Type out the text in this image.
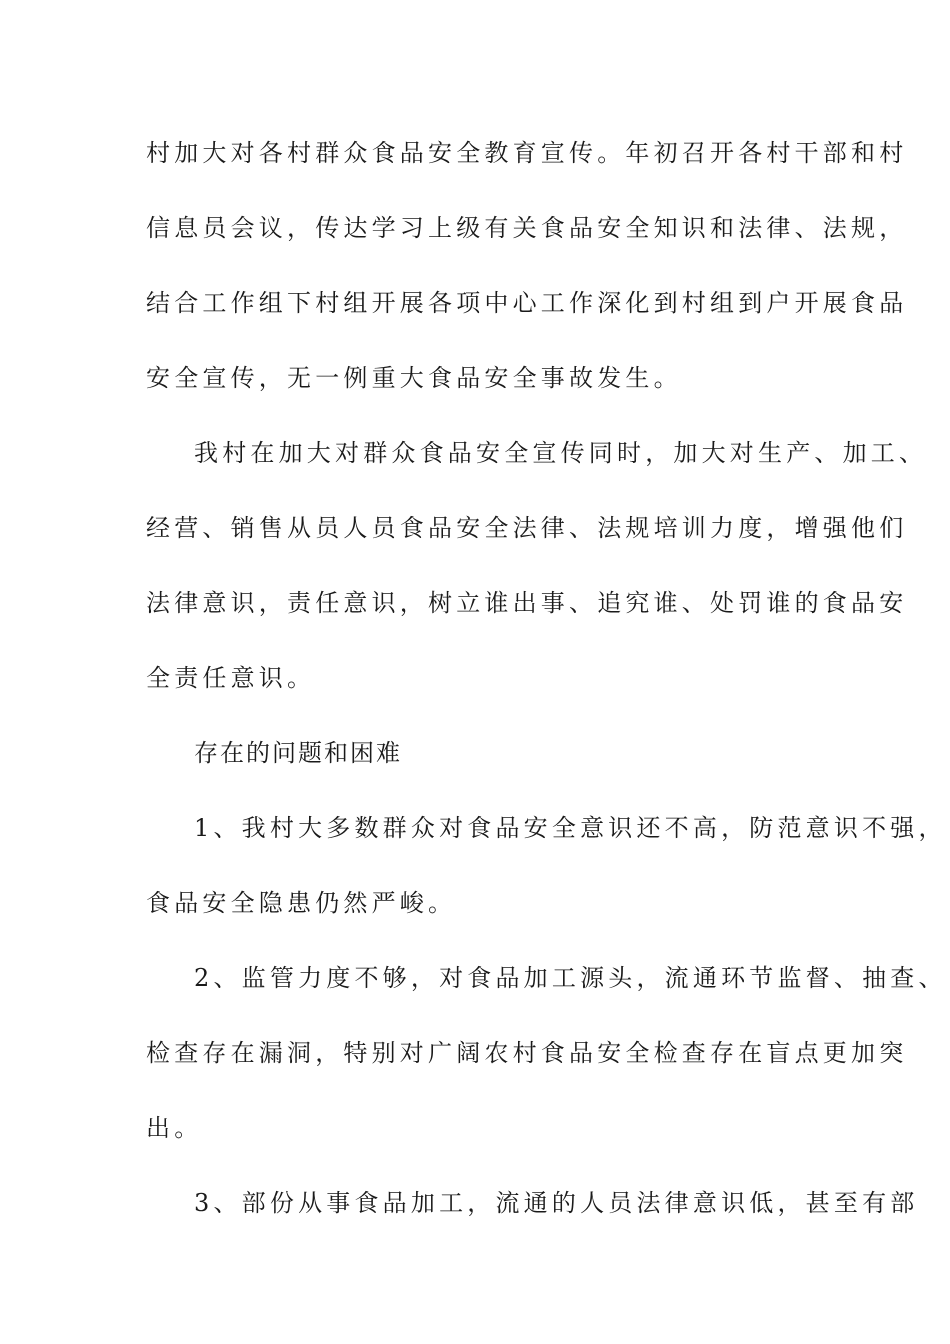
村加大对各村群众食品安全教育宣传。年初召开各村干部和村
信息员会议，传达学习上级有关食品安全知识和法律、法规，
结合工作组下村组开展各项中心工作深化到村组到户开展食品
安全宣传，无一例重大食品安全事故发生。
我村在加大对群众食品安全宣传同时，加大对生产、加工、
经营、销售从员人员食品安全法律、法规培训力度，增强他们
法律意识，责任意识，树立谁出事、追究谁、处罚谁的食品安
全责任意识。
存在的问题和困难
1、我村大多数群众对食品安全意识还不高，防范意识不强，
食品安全隐患仍然严峻。
2、监管力度不够，对食品加工源头，流通环节监督、抽查、
检查存在漏洞，特别对广阔农村食品安全检查存在盲点更加突
出。
3、部份从事食品加工，流通的人员法律意识低，甚至有部
